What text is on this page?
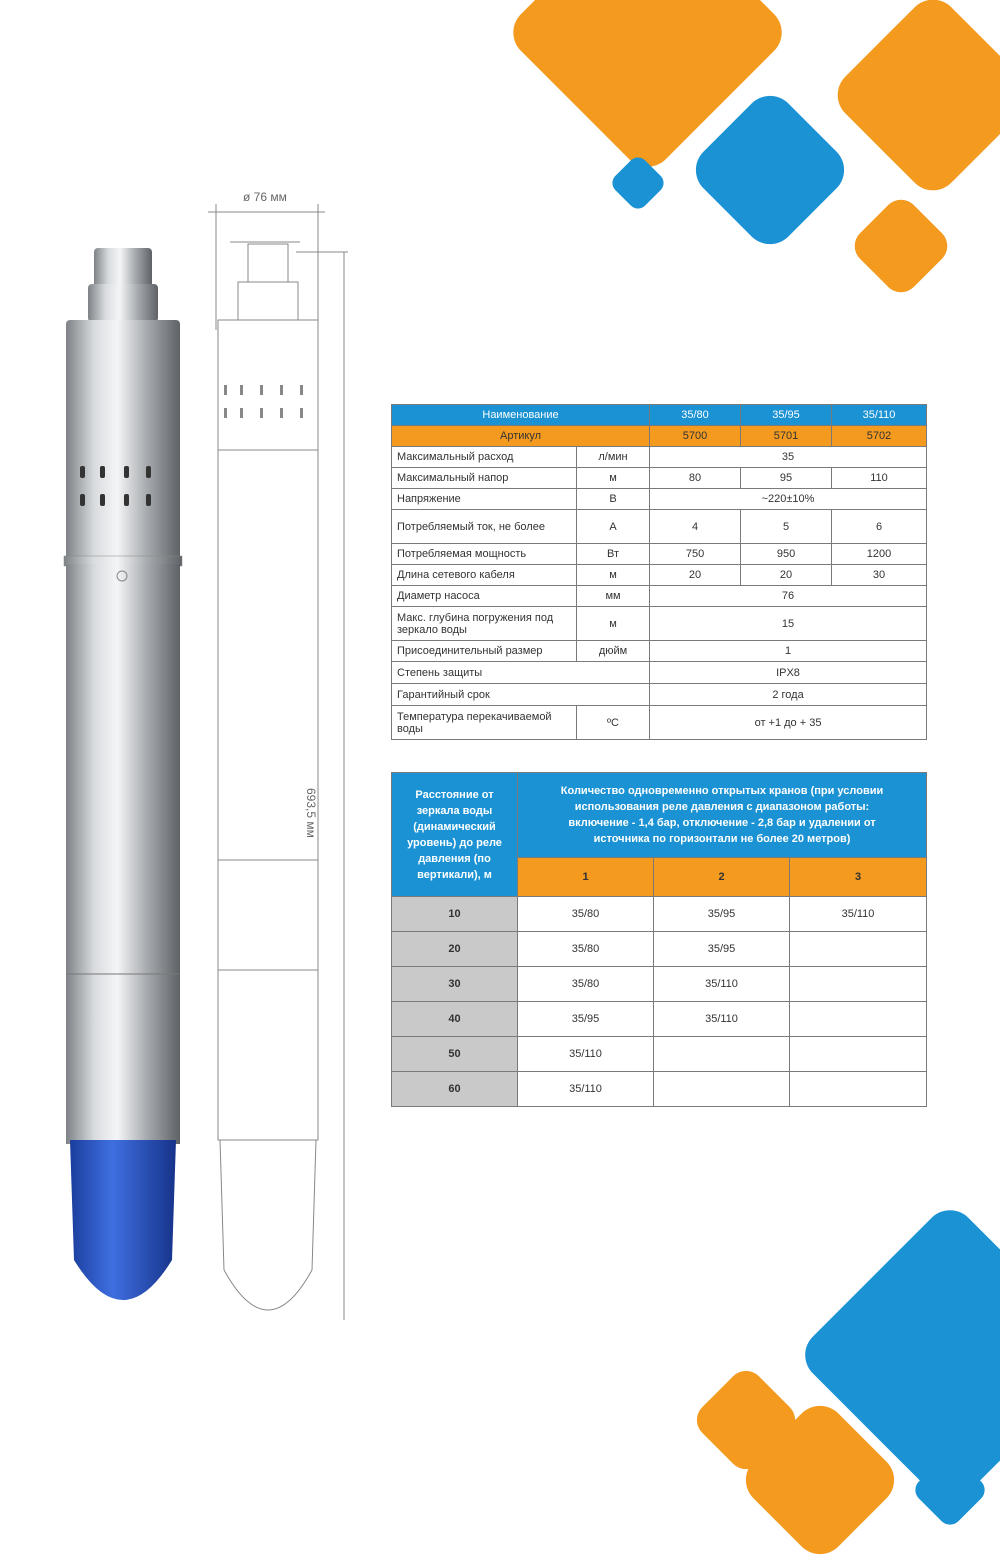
ø 76 мм
693,5 мм
Наименование		35/80	35/95	35/110
Артикул		5700	5701	5702
Максимальный расход	л/мин	35		
Максимальный напор	м	80	95	110
Напряжение	В	~220±10%		
Потребляемый ток, не более	А	4	5	6
Потребляемая мощность	Вт	750	950	1200
Длина сетевого кабеля	м	20	20	30
Диаметр насоса	мм	76		
Макс. глубина погружения под зеркало воды	м	15		
Присоединительный размер	дюйм	1		
Степень защиты		IPX8		
Гарантийный срок		2 года		
Температура перекачиваемой воды	ºС	от +1 до + 35		
Расстояние от зеркала воды (динамический уровень) до реле давления (по вертикали), м	Количество одновременно открытых кранов (при условии использования реле давления с диапазоном работы: включение - 1,4 бар, отключение - 2,8 бар и удалении от источника по горизонтали не более 20 метров)		
	1	2	3
10	35/80	35/95	35/110
20	35/80	35/95	
30	35/80	35/110	
40	35/95	35/110	
50	35/110		
60	35/110		
